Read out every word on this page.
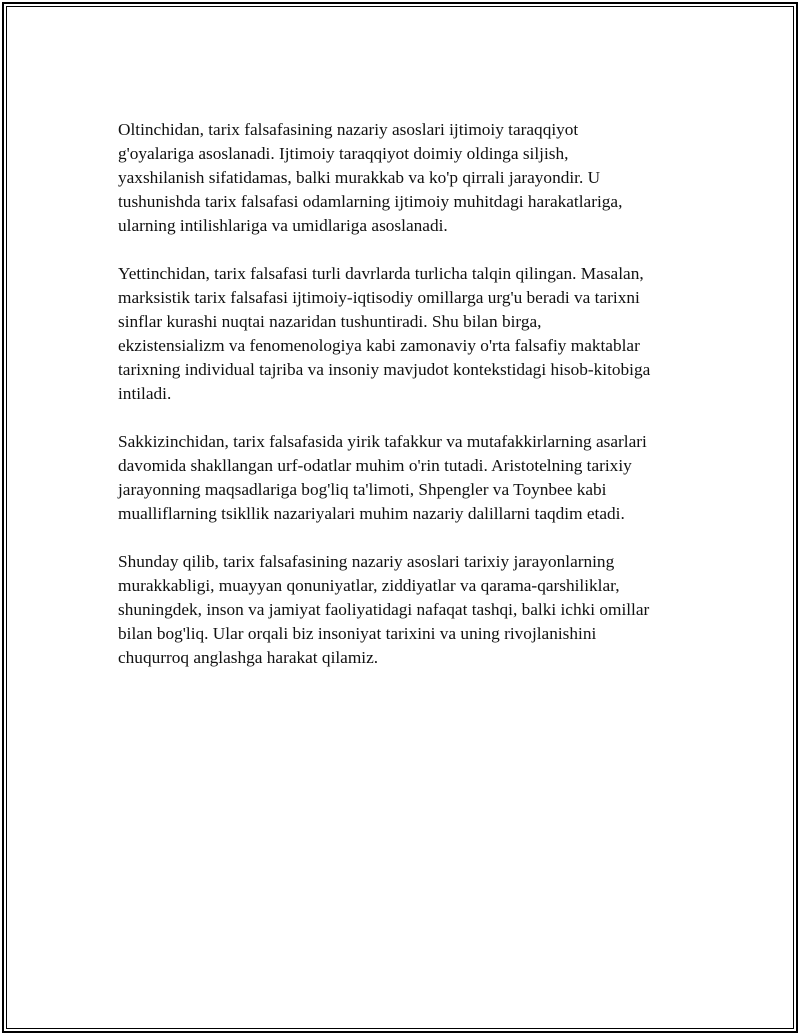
Oltinchidan, tarix falsafasining nazariy asoslari ijtimoiy taraqqiyot
g'oyalariga asoslanadi. Ijtimoiy taraqqiyot doimiy oldinga siljish,
yaxshilanish sifatidamas, balki murakkab va ko'p qirrali jarayondir. U
tushunishda tarix falsafasi odamlarning ijtimoiy muhitdagi harakatlariga,
ularning intilishlariga va umidlariga asoslanadi.

Yettinchidan, tarix falsafasi turli davrlarda turlicha talqin qilingan. Masalan,
marksistik tarix falsafasi ijtimoiy-iqtisodiy omillarga urg'u beradi va tarixni
sinflar kurashi nuqtai nazaridan tushuntiradi. Shu bilan birga,
ekzistensializm va fenomenologiya kabi zamonaviy o'rta falsafiy maktablar
tarixning individual tajriba va insoniy mavjudot kontekstidagi hisob-kitobiga
intiladi.

Sakkizinchidan, tarix falsafasida yirik tafakkur va mutafakkirlarning asarlari
davomida shakllangan urf-odatlar muhim o'rin tutadi. Aristotelning tarixiy
jarayonning maqsadlariga bog'liq ta'limoti, Shpengler va Toynbee kabi
mualliflarning tsikllik nazariyalari muhim nazariy dalillarni taqdim etadi.

Shunday qilib, tarix falsafasining nazariy asoslari tarixiy jarayonlarning
murakkabligi, muayyan qonuniyatlar, ziddiyatlar va qarama-qarshiliklar,
shuningdek, inson va jamiyat faoliyatidagi nafaqat tashqi, balki ichki omillar
bilan bog'liq. Ular orqali biz insoniyat tarixini va uning rivojlanishini
chuqurroq anglashga harakat qilamiz.
